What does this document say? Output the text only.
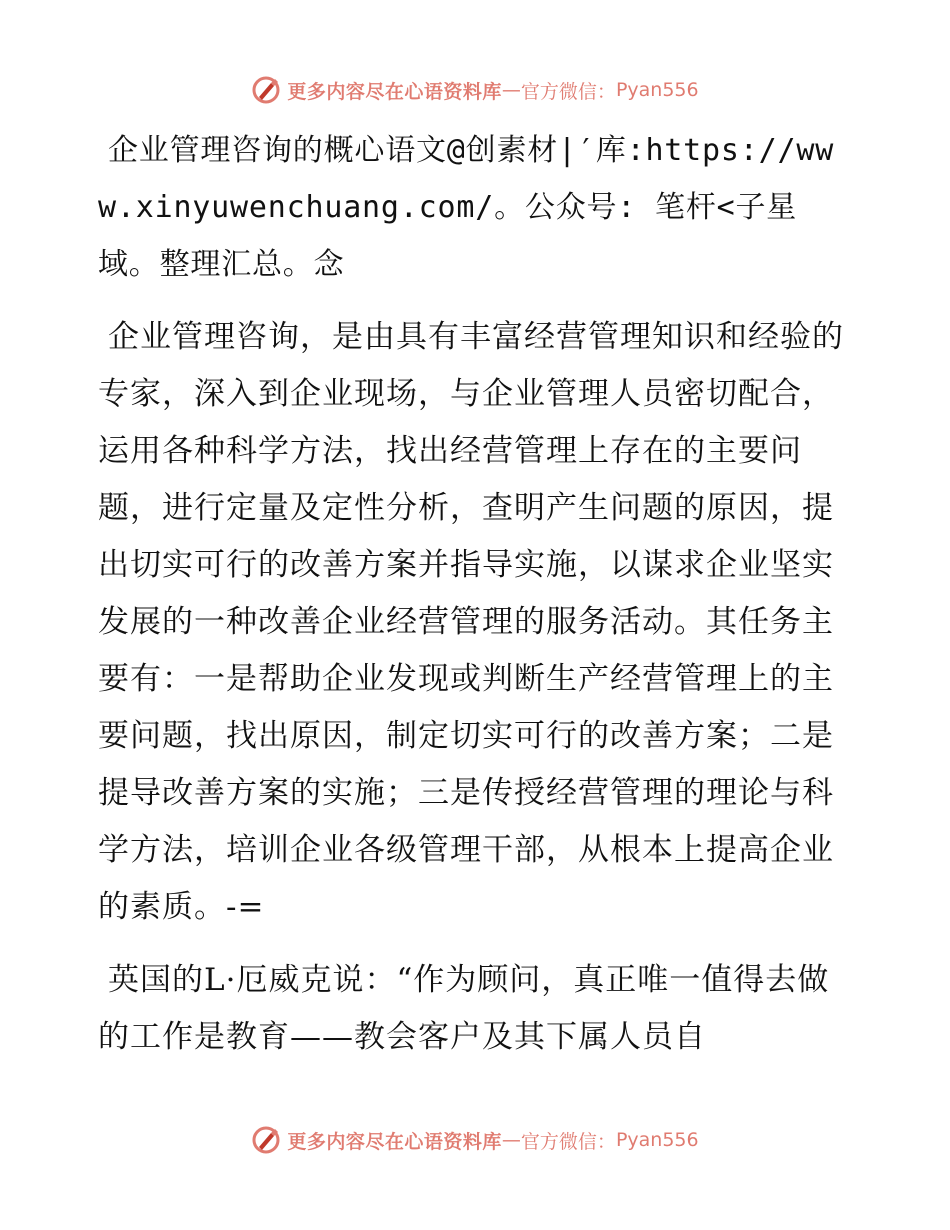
更多内容尽在心语资料库 — 官方微信： Pyan556

企业管理咨询的概心语文@创素材|′库:https://www.xinyuwenchuang.com/。公众号: 笔杆<子星域。整理汇总。念

企业管理咨询，是由具有丰富经营管理知识和经验的专家，深入到企业现场，与企业管理人员密切配合，运用各种科学方法，找出经营管理上存在的主要问题，进行定量及定性分析，查明产生问题的原因，提出切实可行的改善方案并指导实施，以谋求企业坚实发展的一种改善企业经营管理的服务活动。其任务主要有：一是帮助企业发现或判断生产经营管理上的主要问题，找出原因，制定切实可行的改善方案；二是提导改善方案的实施；三是传授经营管理的理论与科学方法，培训企业各级管理干部，从根本上提高企业的素质。-=

英国的L·厄威克说：“作为顾问，真正唯一值得去做的工作是教育——教会客户及其下属人员自

更多内容尽在心语资料库 — 官方微信： Pyan556
